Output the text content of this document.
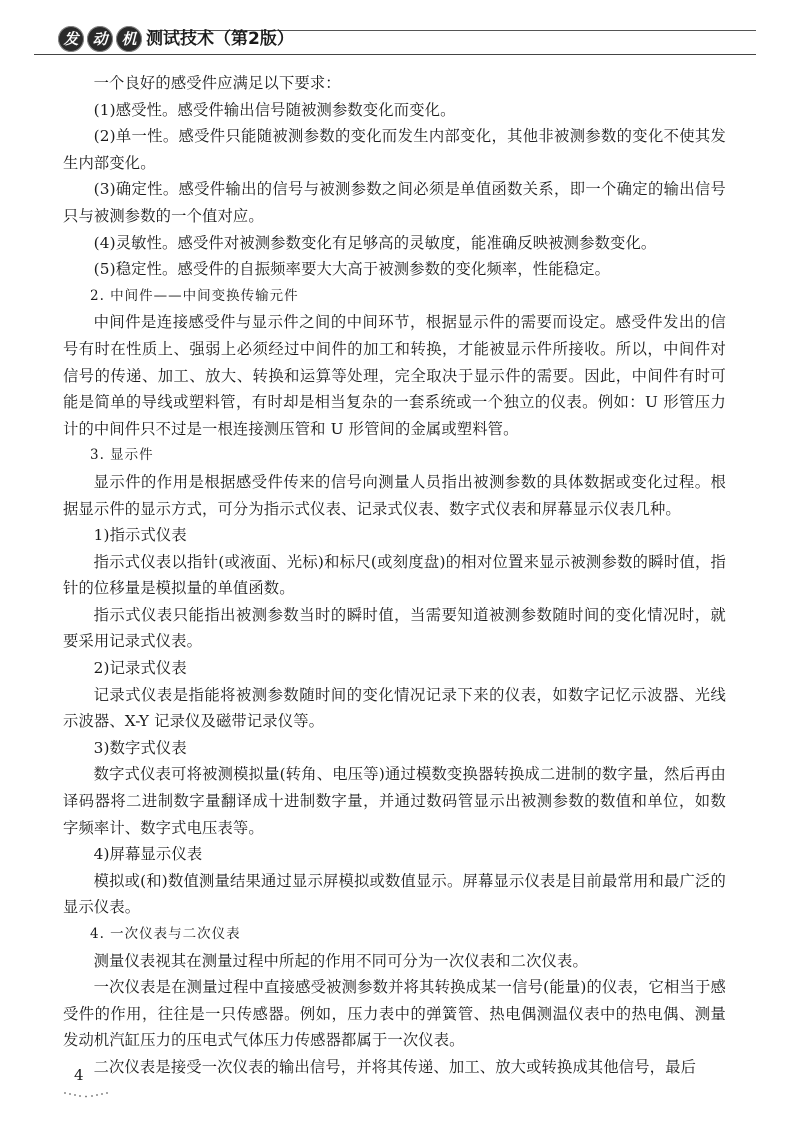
发 动 机 测试技术（第2版）

一个良好的感受件应满足以下要求：

(1)感受性。感受件输出信号随被测参数变化而变化。

(2)单一性。感受件只能随被测参数的变化而发生内部变化，其他非被测参数的变化不使其发生内部变化。

(3)确定性。感受件输出的信号与被测参数之间必须是单值函数关系，即一个确定的输出信号只与被测参数的一个值对应。

(4)灵敏性。感受件对被测参数变化有足够高的灵敏度，能准确反映被测参数变化。

(5)稳定性。感受件的自振频率要大大高于被测参数的变化频率，性能稳定。

2. 中间件——中间变换传输元件

中间件是连接感受件与显示件之间的中间环节，根据显示件的需要而设定。感受件发出的信号有时在性质上、强弱上必须经过中间件的加工和转换，才能被显示件所接收。所以，中间件对信号的传递、加工、放大、转换和运算等处理，完全取决于显示件的需要。因此，中间件有时可能是简单的导线或塑料管，有时却是相当复杂的一套系统或一个独立的仪表。例如：U 形管压力计的中间件只不过是一根连接测压管和 U 形管间的金属或塑料管。

3. 显示件

显示件的作用是根据感受件传来的信号向测量人员指出被测参数的具体数据或变化过程。根据显示件的显示方式，可分为指示式仪表、记录式仪表、数字式仪表和屏幕显示仪表几种。

1)指示式仪表

指示式仪表以指针(或液面、光标)和标尺(或刻度盘)的相对位置来显示被测参数的瞬时值，指针的位移量是模拟量的单值函数。

指示式仪表只能指出被测参数当时的瞬时值，当需要知道被测参数随时间的变化情况时，就要采用记录式仪表。

2)记录式仪表

记录式仪表是指能将被测参数随时间的变化情况记录下来的仪表，如数字记忆示波器、光线示波器、X-Y 记录仪及磁带记录仪等。

3)数字式仪表

数字式仪表可将被测模拟量(转角、电压等)通过模数变换器转换成二进制的数字量，然后再由译码器将二进制数字量翻译成十进制数字量，并通过数码管显示出被测参数的数值和单位，如数字频率计、数字式电压表等。

4)屏幕显示仪表

模拟或(和)数值测量结果通过显示屏模拟或数值显示。屏幕显示仪表是目前最常用和最广泛的显示仪表。

4. 一次仪表与二次仪表

测量仪表视其在测量过程中所起的作用不同可分为一次仪表和二次仪表。

一次仪表是在测量过程中直接感受被测参数并将其转换成某一信号(能量)的仪表，它相当于感受件的作用，往往是一只传感器。例如，压力表中的弹簧管、热电偶测温仪表中的热电偶、测量发动机汽缸压力的压电式气体压力传感器都属于一次仪表。

二次仪表是接受一次仪表的输出信号，并将其传递、加工、放大或转换成其他信号，最后

4
